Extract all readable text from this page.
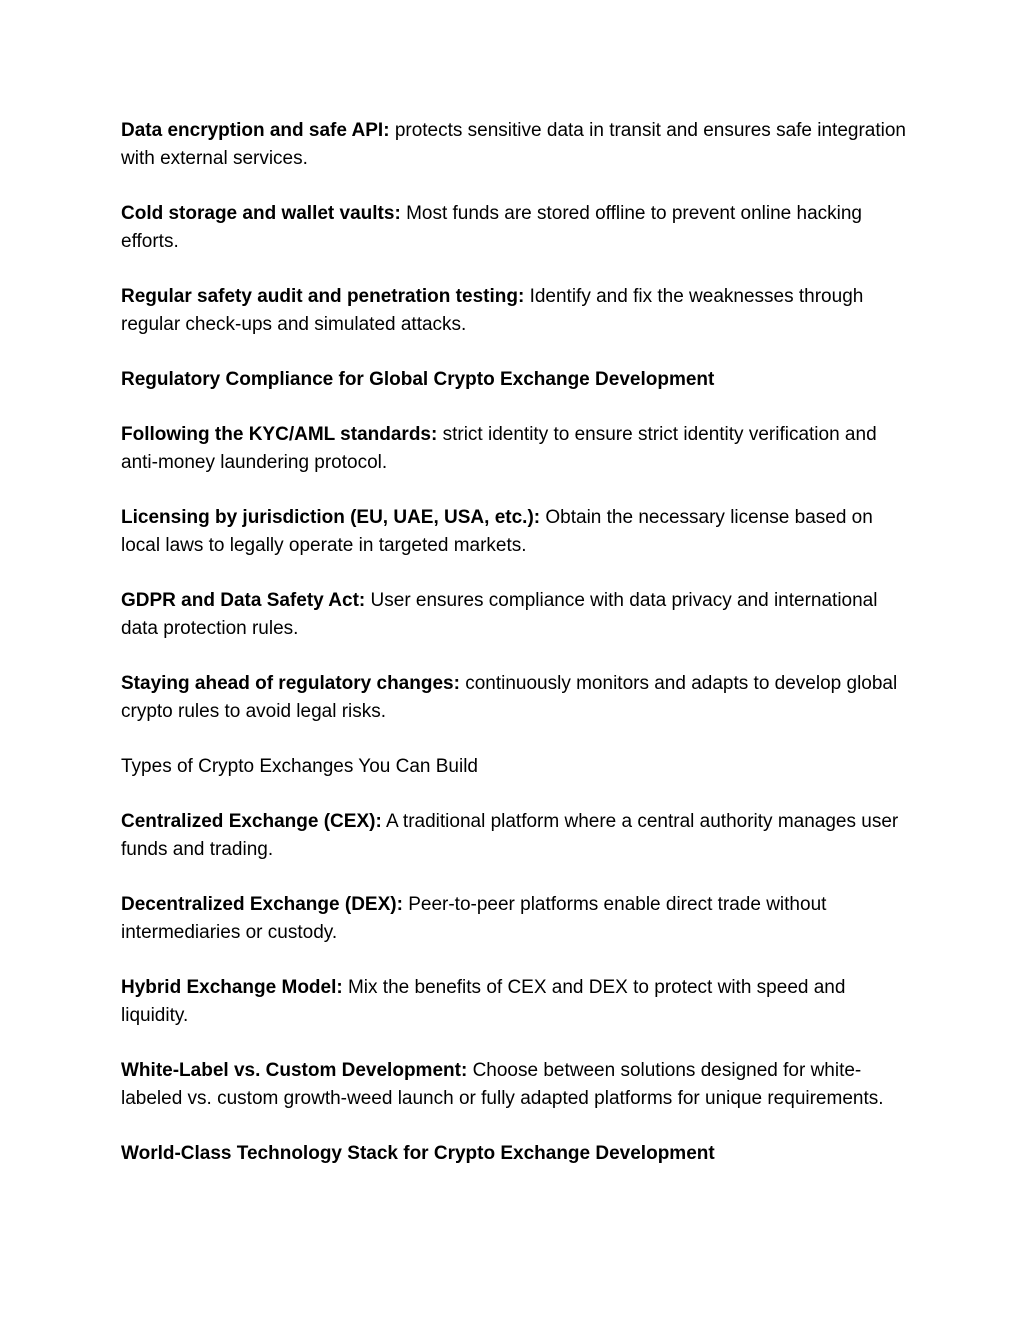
Data encryption and safe API: protects sensitive data in transit and ensures safe integration with external services.

Cold storage and wallet vaults: Most funds are stored offline to prevent online hacking efforts.

Regular safety audit and penetration testing: Identify and fix the weaknesses through regular check-ups and simulated attacks.

Regulatory Compliance for Global Crypto Exchange Development

Following the KYC/AML standards: strict identity to ensure strict identity verification and anti-money laundering protocol.

Licensing by jurisdiction (EU, UAE, USA, etc.): Obtain the necessary license based on local laws to legally operate in targeted markets.

GDPR and Data Safety Act: User ensures compliance with data privacy and international data protection rules.

Staying ahead of regulatory changes: continuously monitors and adapts to develop global crypto rules to avoid legal risks.

Types of Crypto Exchanges You Can Build

Centralized Exchange (CEX): A traditional platform where a central authority manages user funds and trading.

Decentralized Exchange (DEX): Peer-to-peer platforms enable direct trade without intermediaries or custody.

Hybrid Exchange Model: Mix the benefits of CEX and DEX to protect with speed and liquidity.

White-Label vs. Custom Development: Choose between solutions designed for white-labeled vs. custom growth-weed launch or fully adapted platforms for unique requirements.

World-Class Technology Stack for Crypto Exchange Development
